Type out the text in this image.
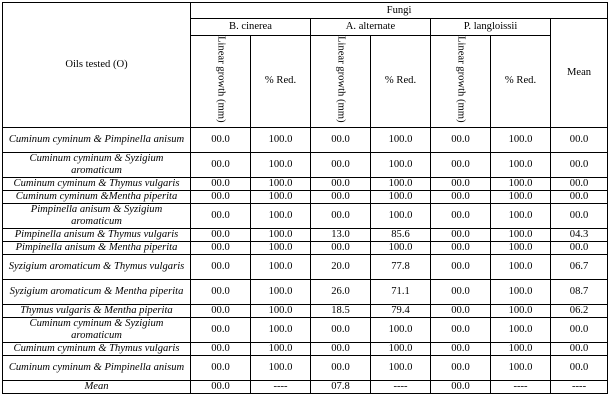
Oils tested (O)	Fungi						
	B. cinerea		A. alternate		P. langloissii		Mean
	Linear growth (mm)	% Red.	Linear growth (mm)	% Red.	Linear growth (mm)	% Red.	
Cuminum cyminum & Pimpinella anisum	00.0	100.0	00.0	100.0	00.0	100.0	00.0
Cuminum cyminum & Syzigium aromaticum	00.0	100.0	00.0	100.0	00.0	100.0	00.0
Cuminum cyminum & Thymus vulgaris	00.0	100.0	00.0	100.0	00.0	100.0	00.0
Cuminum cyminum &Mentha piperita	00.0	100.0	00.0	100.0	00.0	100.0	00.0
Pimpinella anisum & Syzigium aromaticum	00.0	100.0	00.0	100.0	00.0	100.0	00.0
Pimpinella anisum & Thymus vulgaris	00.0	100.0	13.0	85.6	00.0	100.0	04.3
Pimpinella anisum & Mentha piperita	00.0	100.0	00.0	100.0	00.0	100.0	00.0
Syzigium aromaticum & Thymus vulgaris	00.0	100.0	20.0	77.8	00.0	100.0	06.7
Syzigium aromaticum & Mentha piperita	00.0	100.0	26.0	71.1	00.0	100.0	08.7
Thymus vulgaris & Mentha piperita	00.0	100.0	18.5	79.4	00.0	100.0	06.2
Cuminum cyminum & Syzigium aromaticum	00.0	100.0	00.0	100.0	00.0	100.0	00.0
Cuminum cyminum & Thymus vulgaris	00.0	100.0	00.0	100.0	00.0	100.0	00.0
Cuminum cyminum & Pimpinella anisum	00.0	100.0	00.0	100.0	00.0	100.0	00.0
Mean	00.0	----	07.8	----	00.0	----	----
